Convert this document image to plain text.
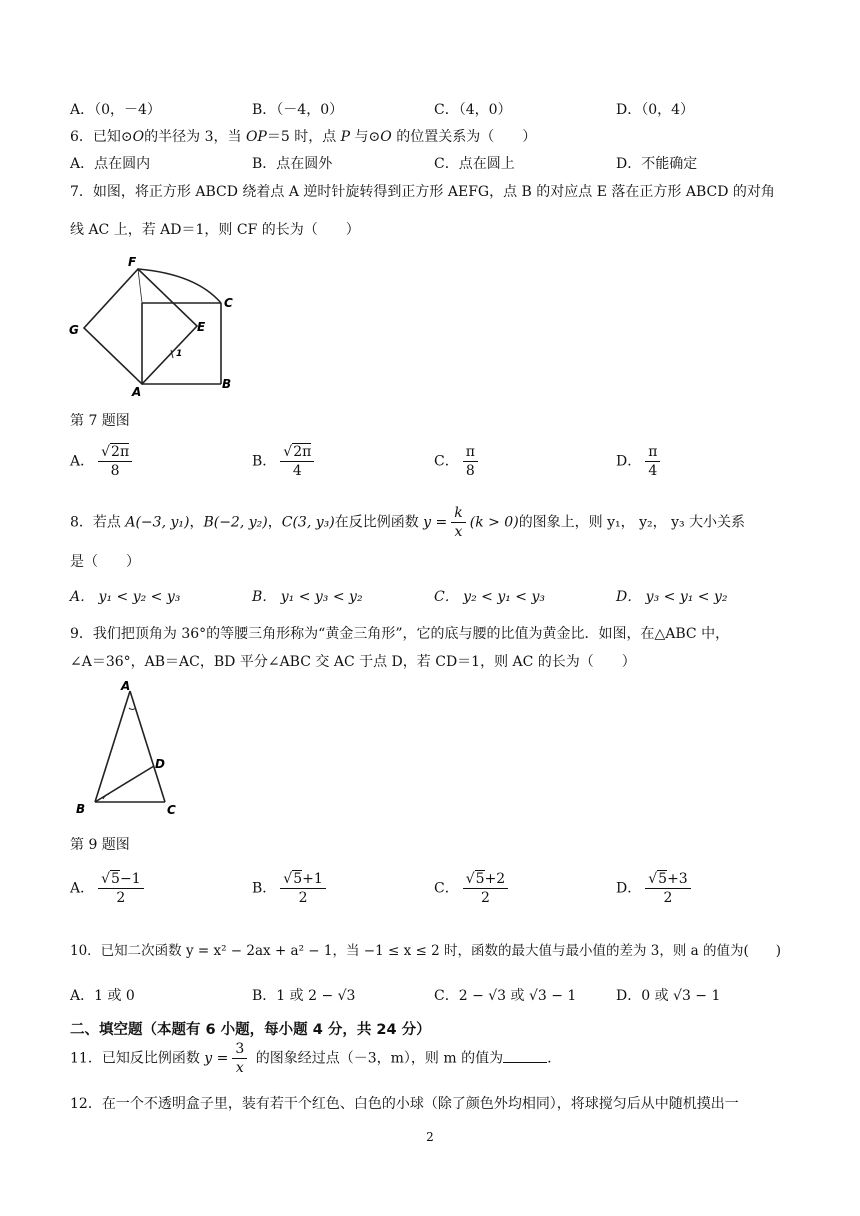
A．（0，－4）	B．（－4，0）	C．（4，0）	D．（0，4）
6．已知⊙O的半径为 3，当 OP＝5 时，点 P 与⊙O 的位置关系为（　　）
A．点在圆内	B．点在圆外	C．点在圆上	D．不能确定
7．如图，将正方形 ABCD 绕着点 A 逆时针旋转得到正方形 AEFG，点 B 的对应点 E 落在正方形 ABCD 的对角
线 AC 上，若 AD＝1，则 CF 的长为（　　）
F
C
G	E
A
B
1
第 7 题图
A． $\frac{√2\pi}{8}$	B． $\frac{√2\pi}{4}$	C． $\frac{\pi}{8}$	D． $\frac{\pi}{4}$
8．若点 A(−3, y₁)，B(−2, y₂)，C(3, y₃)在反比例函数 $y = \frac{k}{x} (k > 0)$的图象上，则 y₁， y₂， y₃ 大小关系
是（　　）
A． y₁ < y₂ < y₃	B． y₁ < y₃ < y₂	C． y₂ < y₁ < y₃	D． y₃ < y₁ < y₂
9．我们把顶角为 36°的等腰三角形称为“黄金三角形”，它的底与腰的比值为黄金比．如图，在△ABC 中，
∠A＝36°，AB＝AC，BD 平分∠ABC 交 AC 于点 D，若 CD＝1，则 AC 的长为（　　）
A
B	C
D
第 9 题图
A． $\frac{√5-1}{2}$	B． $\frac{√5+1}{2}$	C． $\frac{√5+2}{2}$	D． $\frac{√5+3}{2}$
10．已知二次函数 y = x² − 2ax + a² − 1，当 −1 ≤ x ≤ 2 时，函数的最大值与最小值的差为 3，则 a 的值为(　　)
A．1 或 0	B．1 或 2 − √3	C．2 − √3 或 √3 − 1	D．0 或 √3 − 1
二、填空题（本题有 6 小题，每小题 4 分，共 24 分）
11．已知反比例函数 $y = \frac{3}{x}$ 的图象经过点（－3，m），则 m 的值为	.
12．在一个不透明盒子里，装有若干个红色、白色的小球（除了颜色外均相同），将球搅匀后从中随机摸出一
2
